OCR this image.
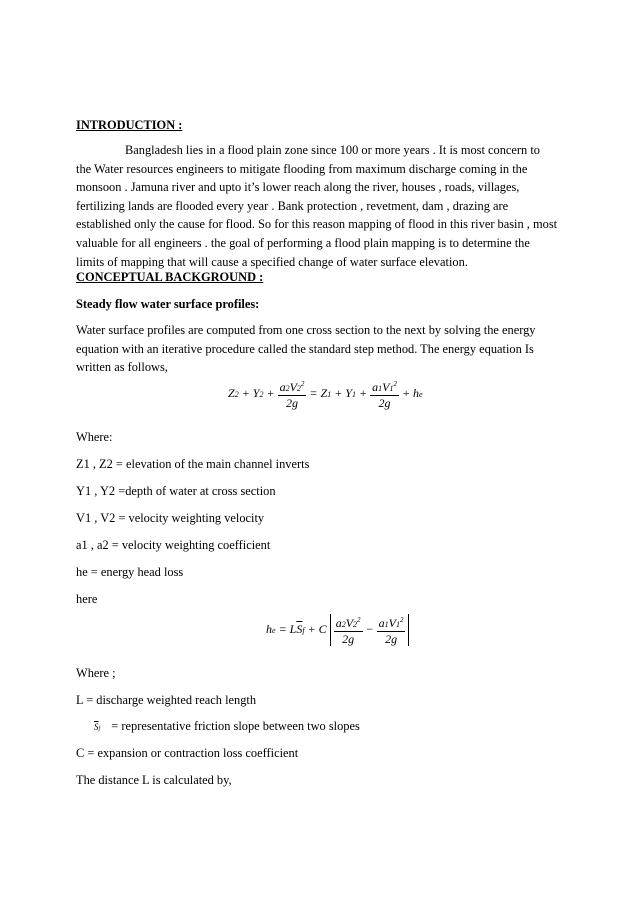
INTRODUCTION :
Bangladesh lies in a flood plain zone since 100 or more years . It is most concern to
the Water resources engineers to mitigate flooding from maximum discharge coming in the
monsoon . Jamuna river and upto it’s lower reach along the river, houses , roads, villages,
fertilizing lands are flooded every year . Bank protection , revetment, dam , drazing are
established only the cause for flood. So for this reason mapping of flood in this river basin , most
valuable for all engineers . the goal of performing a flood plain mapping is to determine the
limits of mapping that will cause a specified change of water surface elevation.
CONCEPTUAL BACKGROUND :
Steady flow water surface profiles:
Water surface profiles are computed from one cross section to the next by solving the energy
equation with an iterative procedure called the standard step method. The energy equation Is
written as follows,
$Z2 + Y2 + \frac{a2V2^2}{2g} = Z1 + Y1 + \frac{a1V1^2}{2g}$ + he
Where:
Z1 , Z2 = elevation of the main channel inverts
Y1 , Y2 =depth of water at cross section
V1 , V2 = velocity weighting velocity
a1 , a2 = velocity weighting coefficient
he = energy head loss
here
he = $L\overline{S}f + C \frac{a2V2^2}{2g} - \frac{a1V1^2}{2g}$
Where ;
L = discharge weighted reach length
$\overline{S}f$ = representative friction slope between two slopes
C = expansion or contraction loss coefficient
The distance L is calculated by,
